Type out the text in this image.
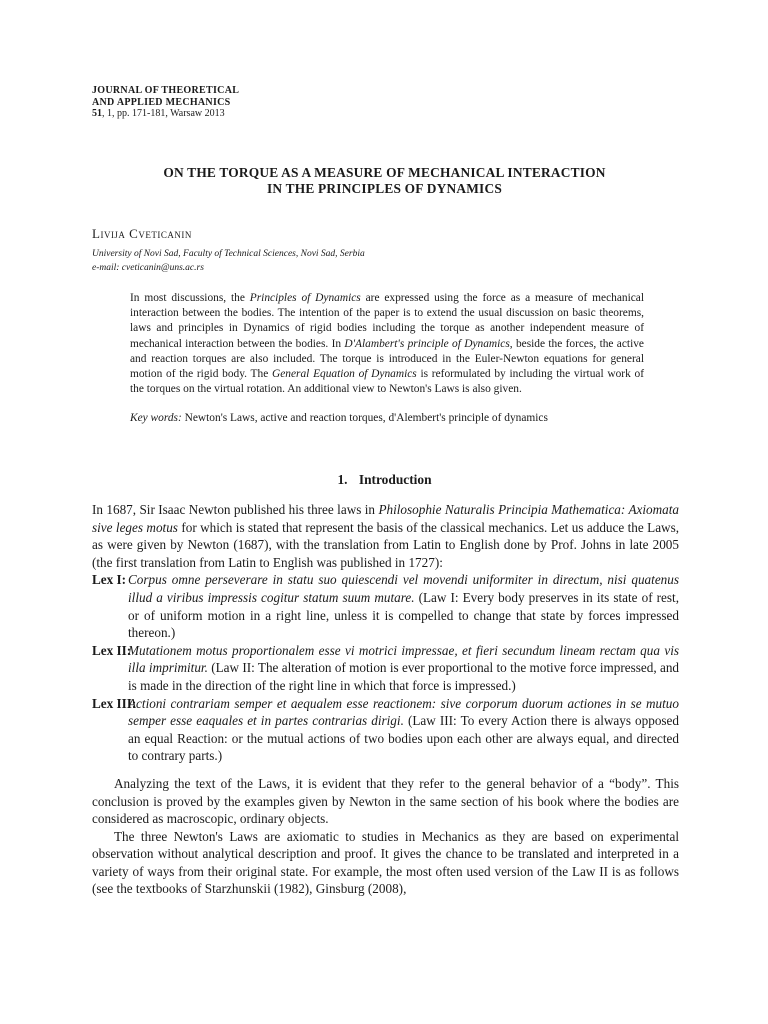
JOURNAL OF THEORETICAL
AND APPLIED MECHANICS
51, 1, pp. 171-181, Warsaw 2013
ON THE TORQUE AS A MEASURE OF MECHANICAL INTERACTION
IN THE PRINCIPLES OF DYNAMICS
Livija Cveticanin
University of Novi Sad, Faculty of Technical Sciences, Novi Sad, Serbia
e-mail: cveticanin@uns.ac.rs

In most discussions, the Principles of Dynamics are expressed using the force as a measure of mechanical interaction between the bodies. The intention of the paper is to extend the usual discussion on basic theorems, laws and principles in Dynamics of rigid bodies including the torque as another independent measure of mechanical interaction between the bodies. In D'Alambert's principle of Dynamics, beside the forces, the active and reaction torques are also included. The torque is introduced in the Euler-Newton equations for general motion of the rigid body. The General Equation of Dynamics is reformulated by including the virtual work of the torques on the virtual rotation. An additional view to Newton's Laws is also given.

Key words: Newton's Laws, active and reaction torques, d'Alembert's principle of dynamics

1. Introduction

In 1687, Sir Isaac Newton published his three laws in Philosophie Naturalis Principia Mathematica: Axiomata sive leges motus for which is stated that represent the basis of the classical mechanics. Let us adduce the Laws, as were given by Newton (1687), with the translation from Latin to English done by Prof. Johns in late 2005 (the first translation from Latin to English was published in 1727):

Lex I: Corpus omne perseverare in statu suo quiescendi vel movendi uniformiter in directum, nisi quatenus illud a viribus impressis cogitur statum suum mutare. (Law I: Every body preserves in its state of rest, or of uniform motion in a right line, unless it is compelled to change that state by forces impressed thereon.)

Lex II:
Mutationem motus proportionalem esse vi motrici impressae, et fieri secundum lineam rectam qua vis illa imprimitur. (Law II: The alteration of motion is ever proportional to the motive force impressed, and is made in the direction of the right line in which that force is impressed.)

Lex III:
Actioni contrariam semper et aequalem esse reactionem: sive corporum duorum actiones in se mutuo semper esse eaquales et in partes contrarias dirigi. (Law III: To every Action there is always opposed an equal Reaction: or the mutual actions of two bodies upon each other are always equal, and directed to contrary parts.)

Analyzing the text of the Laws, it is evident that they refer to the general behavior of a “body”. This conclusion is proved by the examples given by Newton in the same section of his book where the bodies are considered as macroscopic, ordinary objects.

The three Newton's Laws are axiomatic to studies in Mechanics as they are based on experimental observation without analytical description and proof. It gives the chance to be translated and interpreted in a variety of ways from their original state. For example, the most often used version of the Law II is as follows (see the textbooks of Starzhunskii (1982), Ginsburg (2008),
